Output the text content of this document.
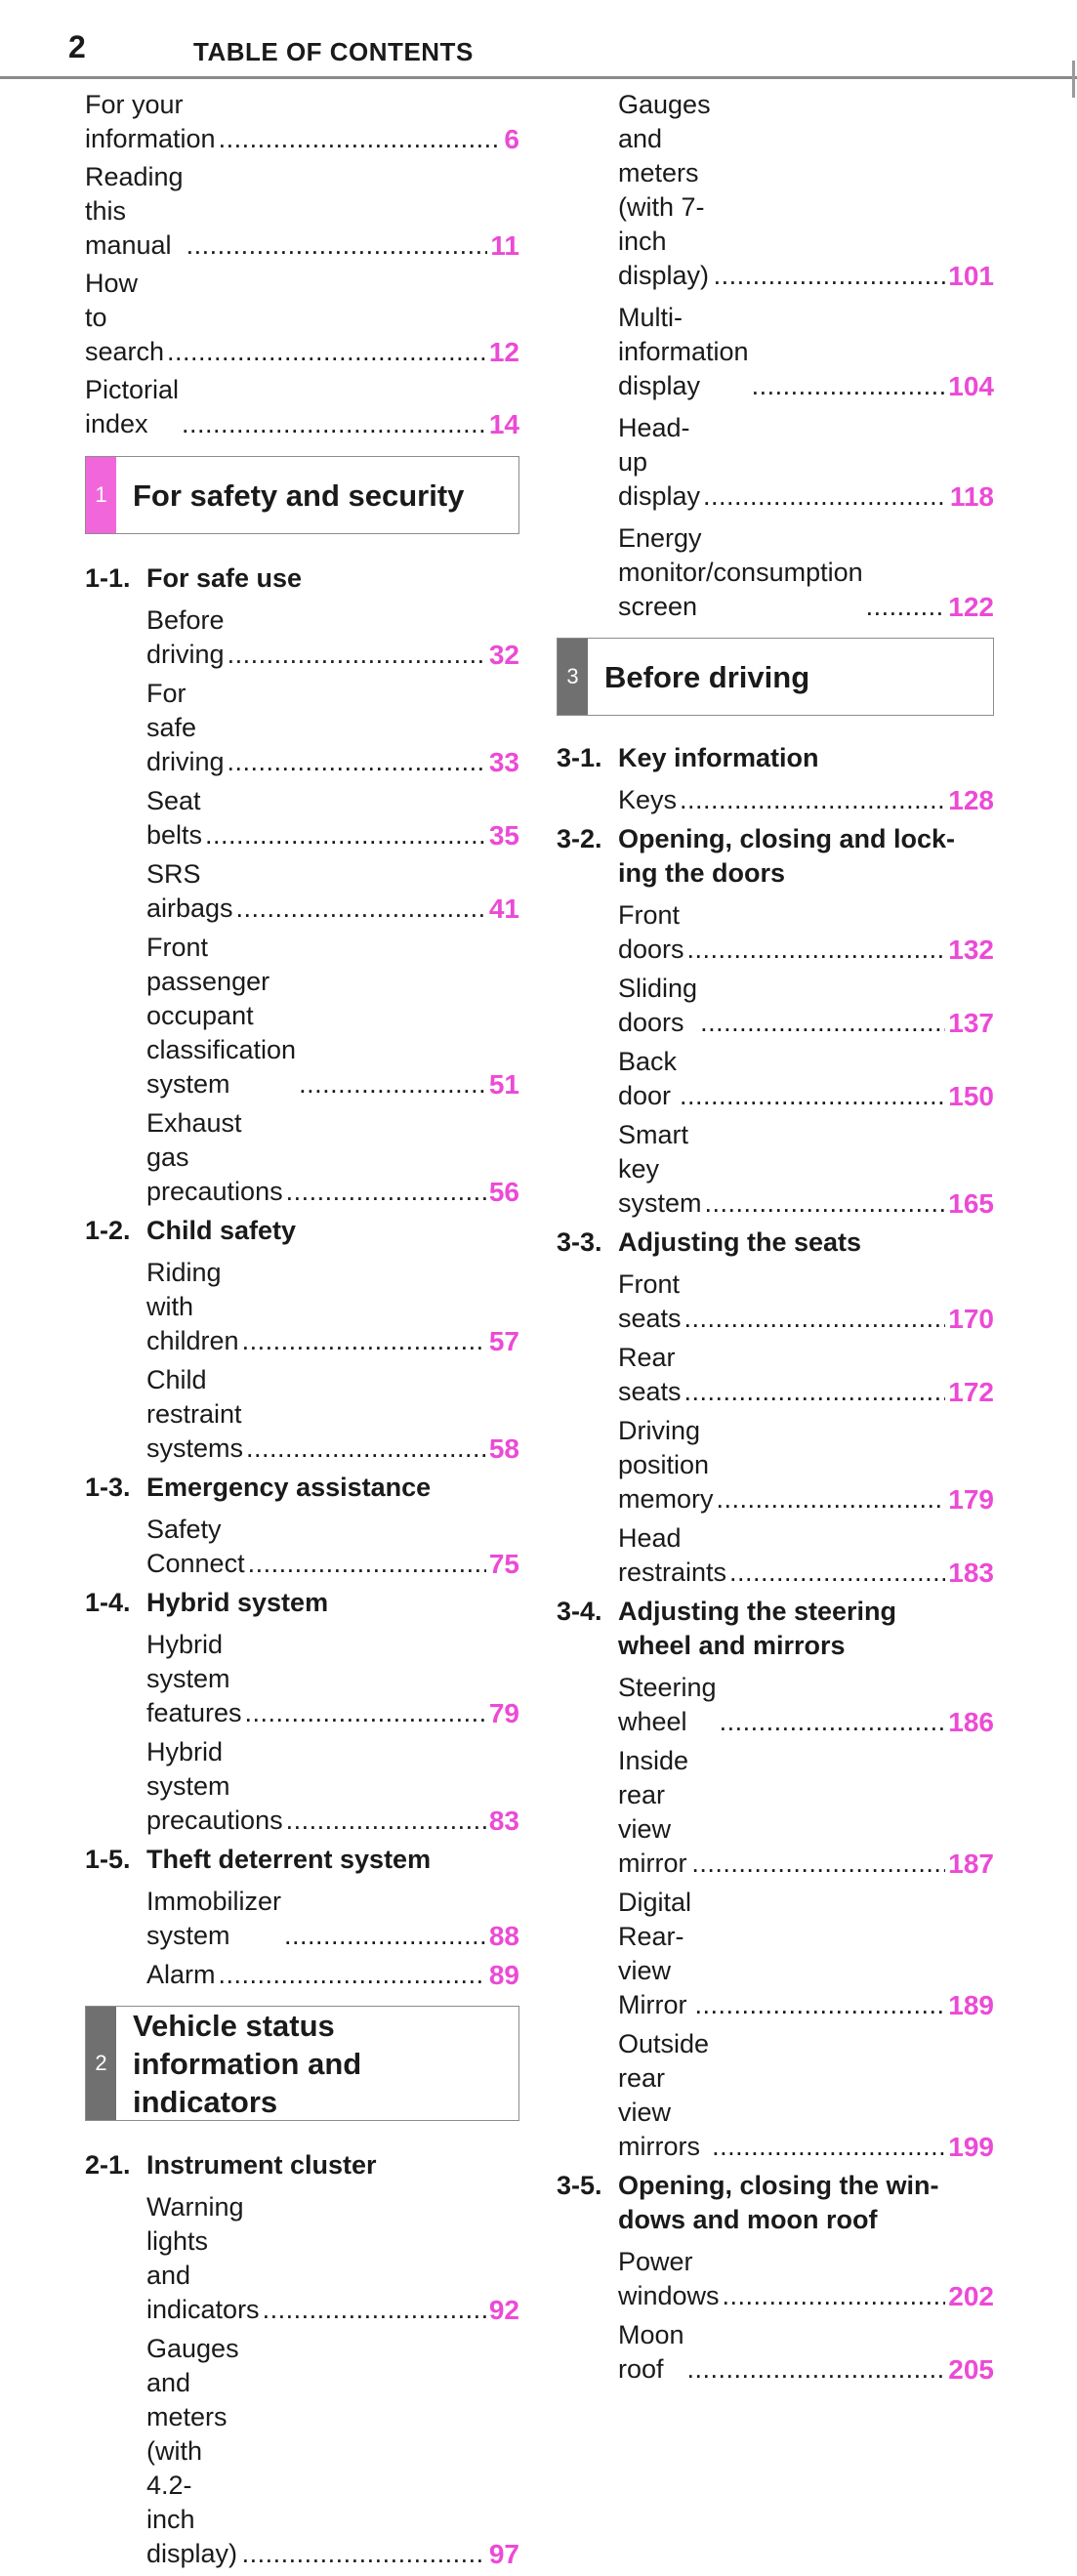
2	TABLE OF CONTENTS
For your information .....	6
Reading this manual .....	11
How to search .....	12
Pictorial index .....	14
1 For safety and security
1-1. For safe use
Before driving .....	32
For safe driving .....	33
Seat belts .....	35
SRS airbags .....	41
Front passenger occupant
classification system .....	51
Exhaust gas precautions .....	56
1-2. Child safety
Riding with children .....	57
Child restraint systems .....	58
1-3. Emergency assistance
Safety Connect .....	75
1-4. Hybrid system
Hybrid system features .....	79
Hybrid system precautions .....	83
1-5. Theft deterrent system
Immobilizer system .....	88
Alarm .....	89
2
Vehicle status
information and
indicators
2-1. Instrument cluster
Warning lights and indicators .....	92
Gauges and meters (with 4.2-
inch display) .....	97
Gauges and meters (with 7-
inch display) .....	101
Multi-information display .....	104
Head-up display .....	118
Energy monitor/consumption
screen .....	122
3 Before driving
3-1. Key information
Keys .....	128
3-2. Opening, closing and lock-
ing the doors
Front doors .....	132
Sliding doors .....	137
Back door .....	150
Smart key system .....	165
3-3. Adjusting the seats
Front seats .....	170
Rear seats .....	172
Driving position memory .....	179
Head restraints .....	183
3-4. Adjusting the steering
wheel and mirrors
Steering wheel .....	186
Inside rear view mirror .....	187
Digital Rear-view Mirror .....	189
Outside rear view mirrors .....	199
3-5. Opening, closing the win-
dows and moon roof
Power windows .....	202
Moon roof .....	205
